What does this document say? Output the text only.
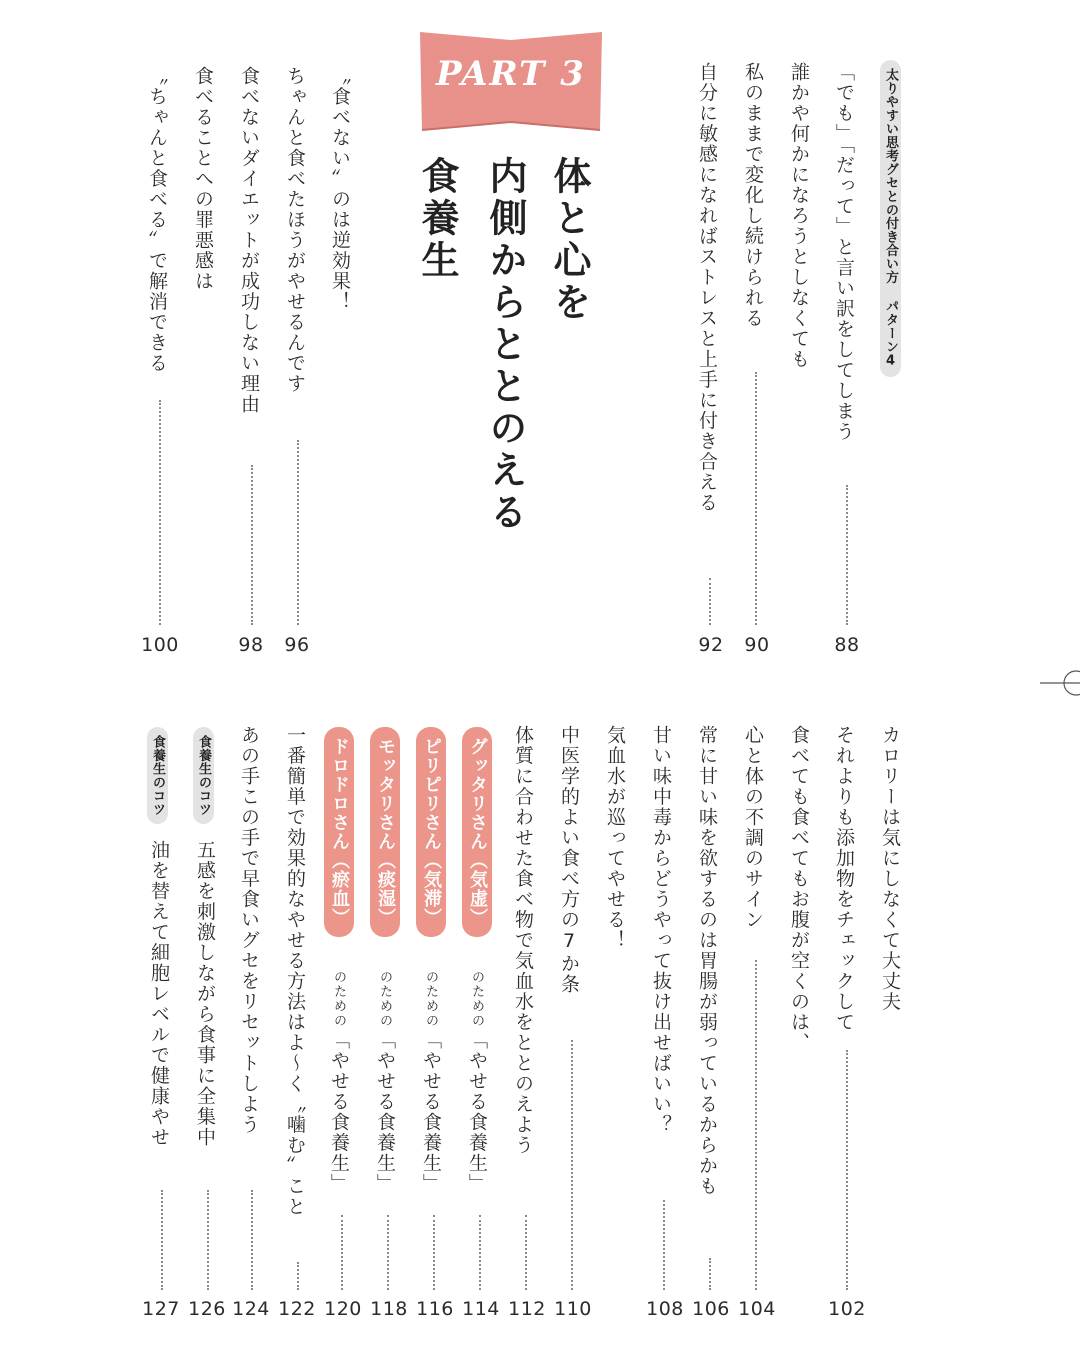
太りやすい思考グセとの付き合い方 パターン4
「でも」「だって」と言い訳をしてしまう
88
誰かや何かになろうとしなくても
私のままで変化し続けられる
90
自分に敏感になればストレスと上手に付き合える
92
PART 3
体と心を
内側からととのえる
食養生
〝食べない〟のは逆効果！
ちゃんと食べたほうがやせるんです
96
食べないダイエットが成功しない理由
98
食べることへの罪悪感は
〝ちゃんと食べる〟で解消できる
100
カロリーは気にしなくて大丈夫
それよりも添加物をチェックして
102
食べても食べてもお腹が空くのは、
心と体の不調のサイン
104
常に甘い味を欲するのは胃腸が弱っているからかも
106
甘い味中毒からどうやって抜け出せばいい？
108
気血水が巡ってやせる！
中医学的よい食べ方の7か条
110
体質に合わせた食べ物で気血水をととのえよう
112
グッタリさん（気虚）
のための
「やせる食養生」
114
ピリピリさん（気滞）
のための
「やせる食養生」
116
モッタリさん（痰湿）
のための
「やせる食養生」
118
ドロドロさん（瘀血）
のための
「やせる食養生」
120
一番簡単で効果的なやせる方法はよ〜く〝噛む〟こと
122
あの手この手で早食いグセをリセットしよう
124
食養生のコツ
五感を刺激しながら食事に全集中
126
食養生のコツ
油を替えて細胞レベルで健康やせ
127
